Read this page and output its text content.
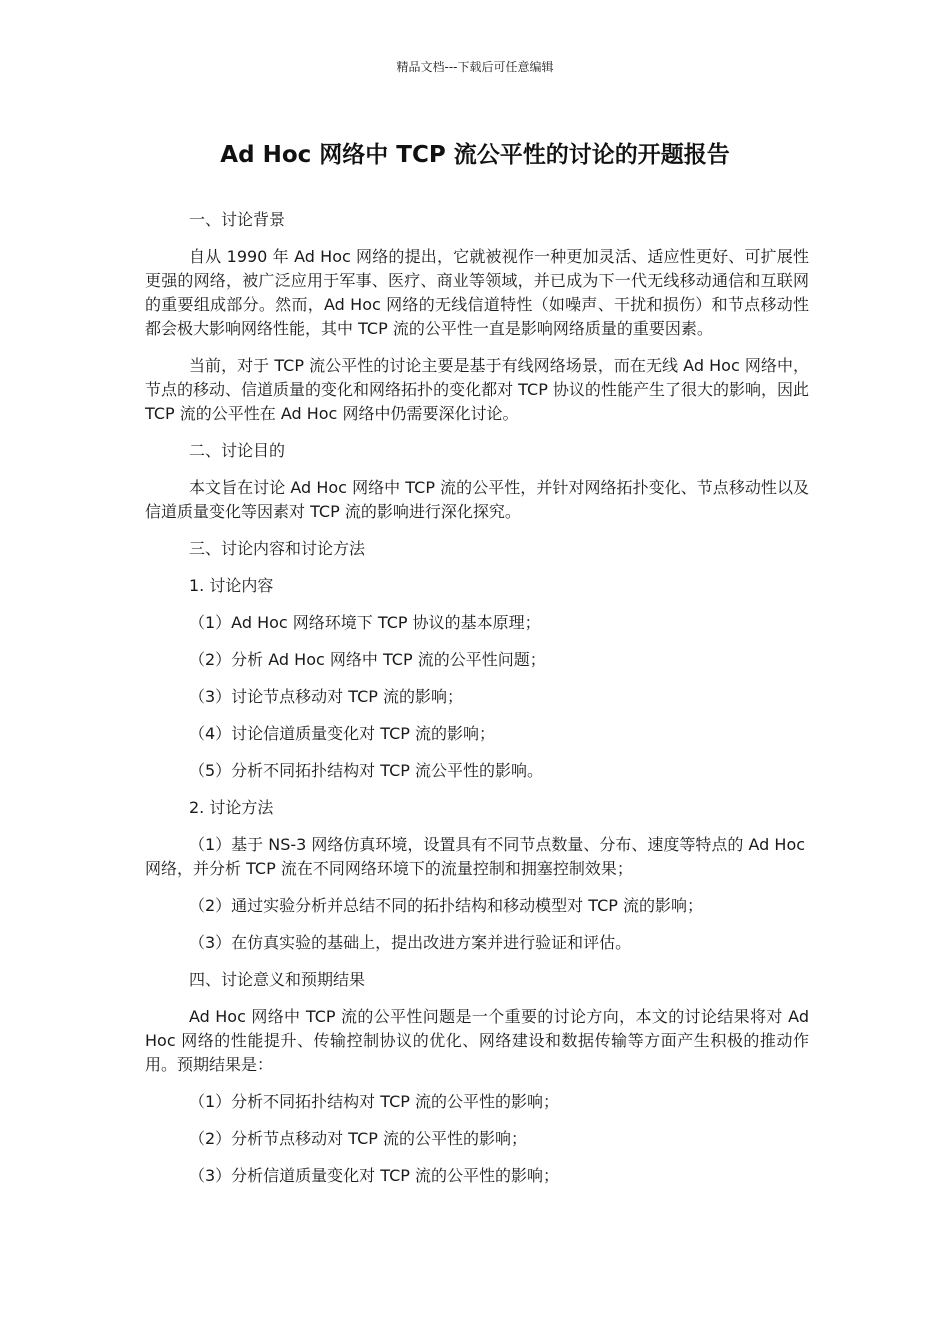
精品文档---下载后可任意编辑
Ad Hoc 网络中 TCP 流公平性的讨论的开题报告

一、讨论背景

自从 1990 年 Ad Hoc 网络的提出，它就被视作一种更加灵活、适应性更好、可扩展性更强的网络，被广泛应用于军事、医疗、商业等领域，并已成为下一代无线移动通信和互联网的重要组成部分。然而，Ad Hoc 网络的无线信道特性（如噪声、干扰和损伤）和节点移动性都会极大影响网络性能，其中 TCP 流的公平性一直是影响网络质量的重要因素。

当前，对于 TCP 流公平性的讨论主要是基于有线网络场景，而在无线 Ad Hoc 网络中，节点的移动、信道质量的变化和网络拓扑的变化都对 TCP 协议的性能产生了很大的影响，因此 TCP 流的公平性在 Ad Hoc 网络中仍需要深化讨论。

二、讨论目的

本文旨在讨论 Ad Hoc 网络中 TCP 流的公平性，并针对网络拓扑变化、节点移动性以及信道质量变化等因素对 TCP 流的影响进行深化探究。

三、讨论内容和讨论方法

1. 讨论内容

（1）Ad Hoc 网络环境下 TCP 协议的基本原理；

（2）分析 Ad Hoc 网络中 TCP 流的公平性问题；

（3）讨论节点移动对 TCP 流的影响；

（4）讨论信道质量变化对 TCP 流的影响；

（5）分析不同拓扑结构对 TCP 流公平性的影响。

2. 讨论方法

（1）基于 NS-3 网络仿真环境，设置具有不同节点数量、分布、速度等特点的 Ad Hoc 网络，并分析 TCP 流在不同网络环境下的流量控制和拥塞控制效果；

（2）通过实验分析并总结不同的拓扑结构和移动模型对 TCP 流的影响；

（3）在仿真实验的基础上，提出改进方案并进行验证和评估。

四、讨论意义和预期结果

Ad Hoc 网络中 TCP 流的公平性问题是一个重要的讨论方向，本文的讨论结果将对 Ad Hoc 网络的性能提升、传输控制协议的优化、网络建设和数据传输等方面产生积极的推动作用。预期结果是：

（1）分析不同拓扑结构对 TCP 流的公平性的影响；

（2）分析节点移动对 TCP 流的公平性的影响；

（3）分析信道质量变化对 TCP 流的公平性的影响；
